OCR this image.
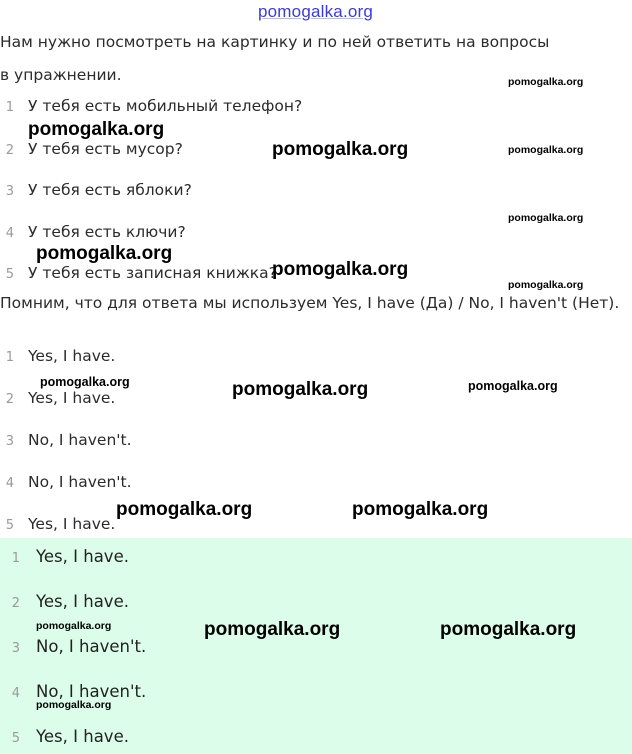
pomogalka.org
Нам нужно посмотреть на картинку и по ней ответить на вопросы в упражнении.
1 У тебя есть мобильный телефон?
2 У тебя есть мусор?
3 У тебя есть яблоки?
4 У тебя есть ключи?
5 У тебя есть записная книжка?
Помним, что для ответа мы используем Yes, I have (Да) / No, I haven't (Нет).
1 Yes, I have.
2 Yes, I have.
3 No, I haven't.
4 No, I haven't.
5 Yes, I have.
1 Yes, I have.
2 Yes, I have.
3 No, I haven't.
4 No, I haven't.
5 Yes, I have.
pomogalka.org
pomogalka.org
pomogalka.org	pomogalka.org
pomogalka.org
pomogalka.org
pomogalka.org
pomogalka.org
pomogalka.org	pomogalka.org	pomogalka.org
pomogalka.org	pomogalka.org
pomogalka.org	pomogalka.org	pomogalka.org
pomogalka.org
